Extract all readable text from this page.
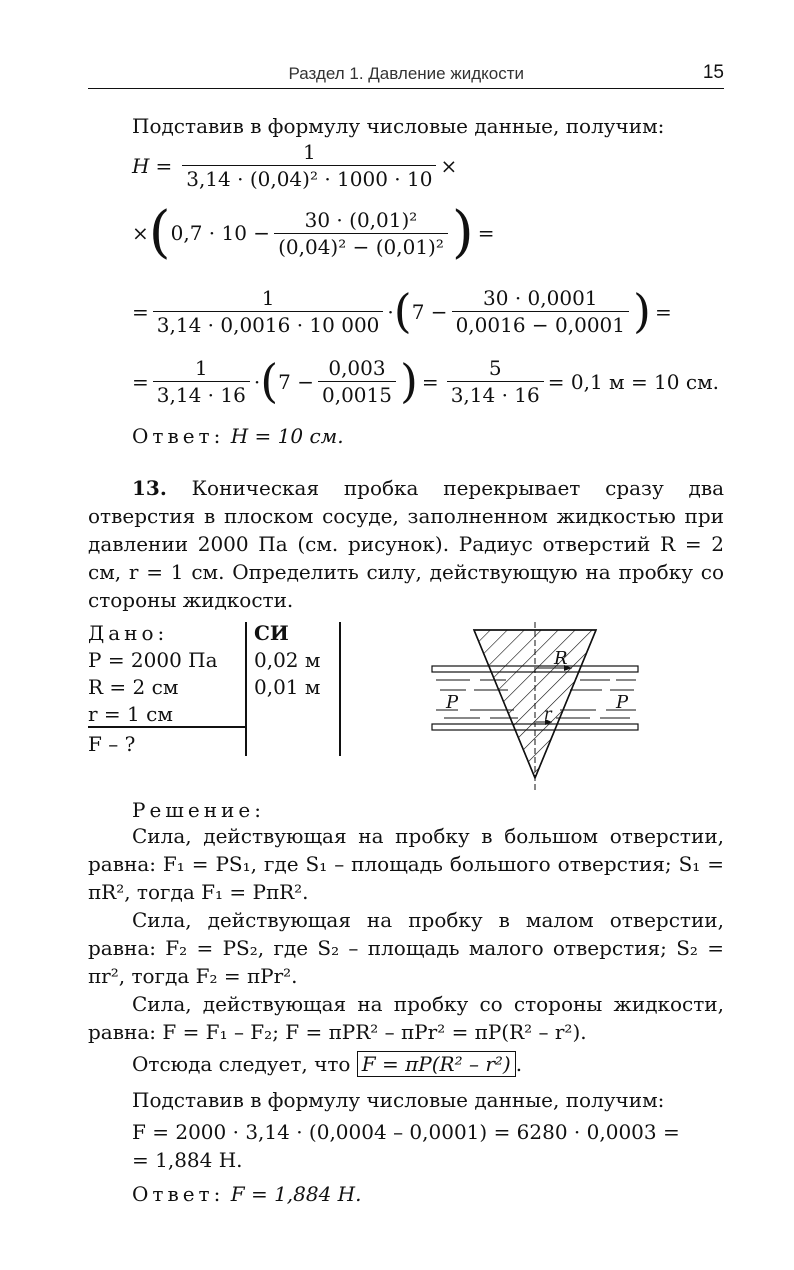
Раздел 1. Давление жидкости	15
Подставив в формулу числовые данные, получим:
$H = \frac{1}{\text{3,14 · (0,04)² · 1000 · 10}}$ ×
× ( $0,7 \cdot 10 - \frac{\text{30 · (0,01)²}}{\text{(0,04)² − (0,01)²}}$ ) =
= $\frac{1}{3,14 \cdot 0,0016 \cdot 10 000}$ · ( $7 - \frac{30 \cdot 0,0001}{0,0016 - 0,0001}$ ) =
= $\frac{1}{3,14 \cdot 16}$ · ( $7 - \frac{0,003}{0,0015}$ ) = $\frac{5}{3,14 \cdot 16} = 0,1$ м = 10 см.
Ответ: H = 10 см.
13. Коническая пробка перекрывает сразу два отверстия в плоском сосуде, заполненном жидкостью при давлении 2000 Па (см. рисунок). Радиус отверстий R = 2 см, r = 1 см. Определить силу, действующую на пробку со стороны жидкости.
Дано:
P = 2000 Па
R = 2 см
r = 1 см
F – ?
СИ
0,02 м
0,01 м
R
r
P	P
Решение:

Сила, действующая на пробку в большом отверстии, равна: F₁ = PS₁, где S₁ – площадь большого отверстия; S₁ = πR², тогда F₁ = PπR².

Сила, действующая на пробку в малом отверстии, равна: F₂ = PS₂, где S₂ – площадь малого отверстия; S₂ = πr², тогда F₂ = πPr².

Сила, действующая на пробку со стороны жидкости, равна: F = F₁ – F₂; F = πPR² – πPr² = πP(R² – r²).

Отсюда следует, что F = πP(R² – r²) .

Подставив в формулу числовые данные, получим:

F = 2000 · 3,14 · (0,0004 – 0,0001) = 6280 · 0,0003 =
= 1,884 Н.
Ответ: F = 1,884 Н.
